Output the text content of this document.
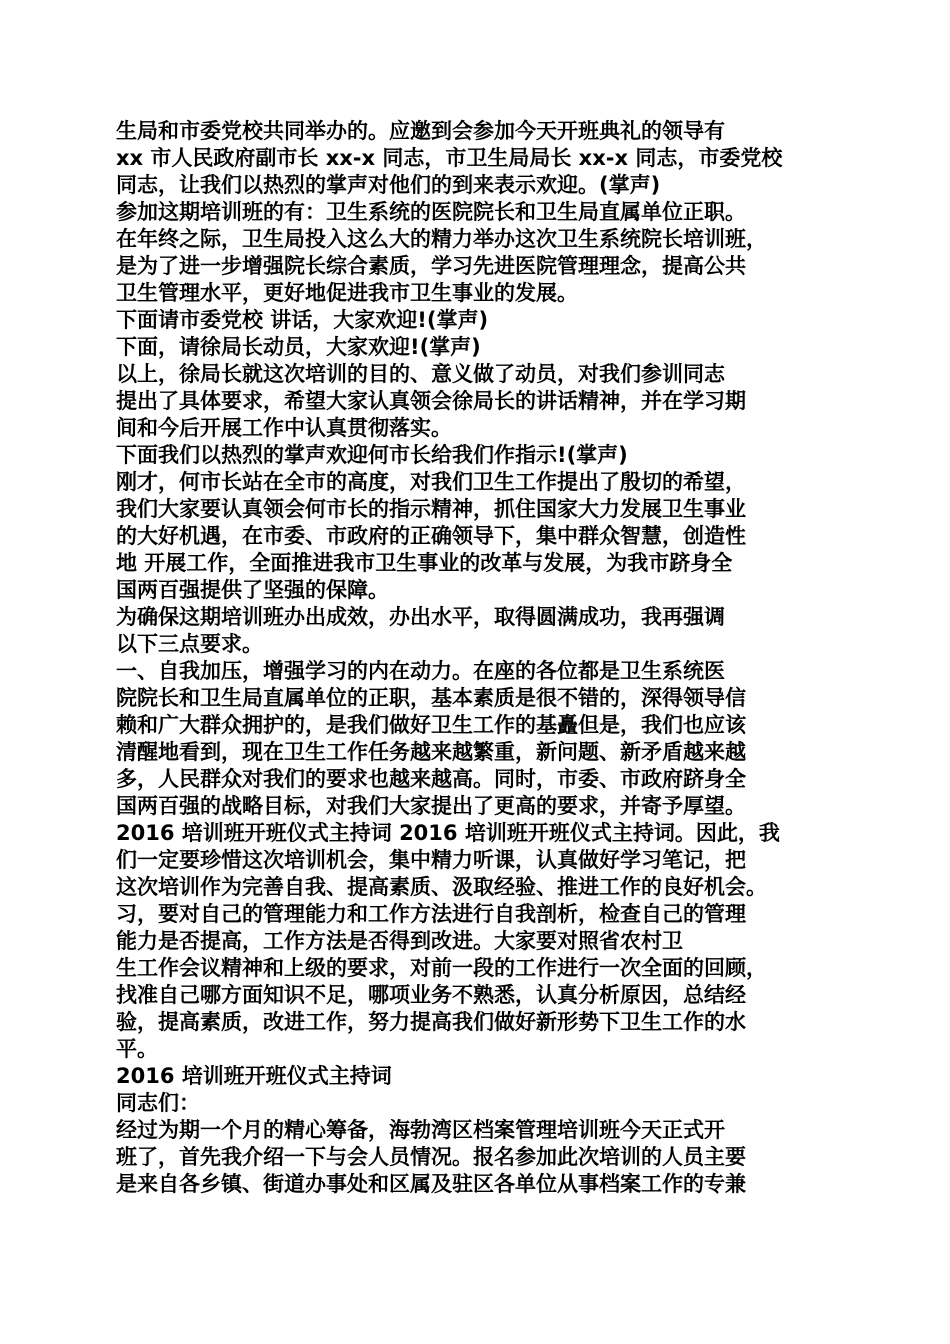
生局和市委党校共同举办的。应邀到会参加今天开班典礼的领导有
xx 市人民政府副市长 xx-x 同志，市卫生局局长 xx-x 同志，市委党校
同志，让我们以热烈的掌声对他们的到来表示欢迎。(掌声)
参加这期培训班的有：卫生系统的医院院长和卫生局直属单位正职。
在年终之际，卫生局投入这么大的精力举办这次卫生系统院长培训班，
是为了进一步增强院长综合素质，学习先进医院管理理念，提高公共
卫生管理水平，更好地促进我市卫生事业的发展。
下面请市委党校 讲话，大家欢迎!(掌声)
下面，请徐局长动员，大家欢迎!(掌声)
以上，徐局长就这次培训的目的、意义做了动员，对我们参训同志
提出了具体要求，希望大家认真领会徐局长的讲话精神，并在学习期
间和今后开展工作中认真贯彻落实。
下面我们以热烈的掌声欢迎何市长给我们作指示!(掌声)
刚才，何市长站在全市的高度，对我们卫生工作提出了殷切的希望，
我们大家要认真领会何市长的指示精神，抓住国家大力发展卫生事业
的大好机遇，在市委、市政府的正确领导下，集中群众智慧，创造性
地 开展工作，全面推进我市卫生事业的改革与发展，为我市跻身全
国两百强提供了坚强的保障。
为确保这期培训班办出成效，办出水平，取得圆满成功，我再强调
以下三点要求。
一、自我加压，增强学习的内在动力。在座的各位都是卫生系统医
院院长和卫生局直属单位的正职，基本素质是很不错的，深得领导信
赖和广大群众拥护的，是我们做好卫生工作的基矗但是，我们也应该
清醒地看到，现在卫生工作任务越来越繁重，新问题、新矛盾越来越
多，人民群众对我们的要求也越来越高。同时，市委、市政府跻身全
国两百强的战略目标，对我们大家提出了更高的要求，并寄予厚望。
2016 培训班开班仪式主持词 2016 培训班开班仪式主持词。因此，我
们一定要珍惜这次培训机会，集中精力听课，认真做好学习笔记，把
这次培训作为完善自我、提高素质、汲取经验、推进工作的良好机会。
习，要对自己的管理能力和工作方法进行自我剖析，检查自己的管理
能力是否提高，工作方法是否得到改进。大家要对照省农村卫
生工作会议精神和上级的要求，对前一段的工作进行一次全面的回顾，
找准自己哪方面知识不足，哪项业务不熟悉，认真分析原因，总结经
验，提高素质，改进工作，努力提高我们做好新形势下卫生工作的水
平。
2016 培训班开班仪式主持词
同志们：
经过为期一个月的精心筹备，海勃湾区档案管理培训班今天正式开
班了，首先我介绍一下与会人员情况。报名参加此次培训的人员主要
是来自各乡镇、街道办事处和区属及驻区各单位从事档案工作的专兼
